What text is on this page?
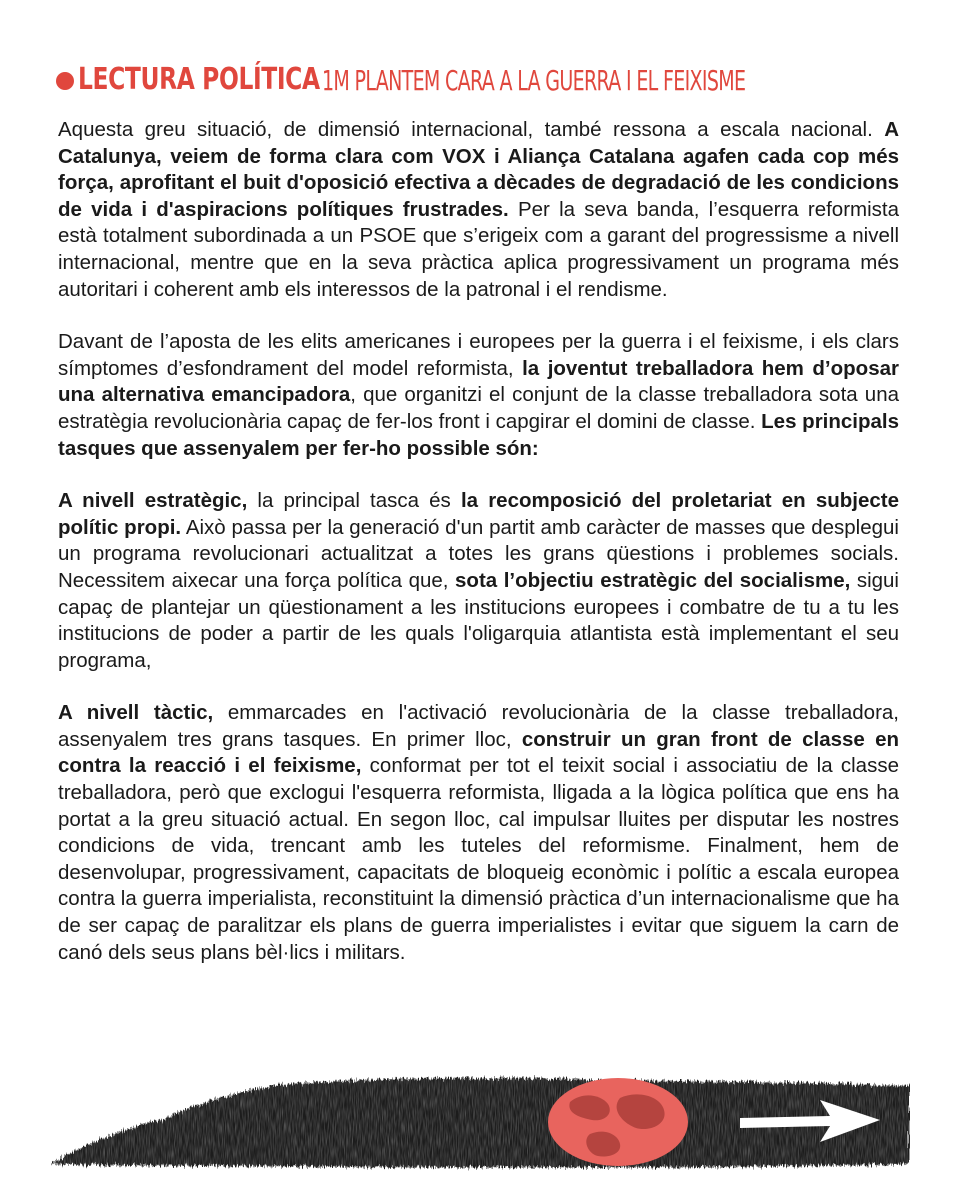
LECTURA POLÍTICA 1M PLANTEM CARA A LA GUERRA I EL FEIXISME

Aquesta greu situació, de dimensió internacional, també ressona a escala nacional. A Catalunya, veiem de forma clara com VOX i Aliança Catalana agafen cada cop més força, aprofitant el buit d'oposició efectiva a dècades de degradació de les condicions de vida i d'aspiracions polítiques frustrades. Per la seva banda, l’esquerra reformista està totalment subordinada a un PSOE que s’erigeix com a garant del progressisme a nivell internacional, mentre que en la seva pràctica aplica progressivament un programa més autoritari i coherent amb els interessos de la patronal i el rendisme.

Davant de l’aposta de les elits americanes i europees per la guerra i el feixisme, i els clars símptomes d’esfondrament del model reformista, la joventut treballadora hem d’oposar una alternativa emancipadora, que organitzi el conjunt de la classe treballadora sota una estratègia revolucionària capaç de fer-los front i capgirar el domini de classe. Les principals tasques que assenyalem per fer-ho possible són:

A nivell estratègic, la principal tasca és la recomposició del proletariat en subjecte polític propi. Això passa per la generació d'un partit amb caràcter de masses que desplegui un programa revolucionari actualitzat a totes les grans qüestions i problemes socials. Necessitem aixecar una força política que, sota l’objectiu estratègic del socialisme, sigui capaç de plantejar un qüestionament a les institucions europees i combatre de tu a tu les institucions de poder a partir de les quals l'oligarquia atlantista està implementant el seu programa,

A nivell tàctic, emmarcades en l'activació revolucionària de la classe treballadora, assenyalem tres grans tasques. En primer lloc, construir un gran front de classe en contra la reacció i el feixisme, conformat per tot el teixit social i associatiu de la classe treballadora, però que exclogui l'esquerra reformista, lligada a la lògica política que ens ha portat a la greu situació actual. En segon lloc, cal impulsar lluites per disputar les nostres condicions de vida, trencant amb les tuteles del reformisme. Finalment, hem de desenvolupar, progressivament, capacitats de bloqueig econòmic i polític a escala europea contra la guerra imperialista, reconstituint la dimensió pràctica d’un internacionalisme que ha de ser capaç de paralitzar els plans de guerra imperialistes i evitar que siguem la carn de canó dels seus plans bèl·lics i militars.
